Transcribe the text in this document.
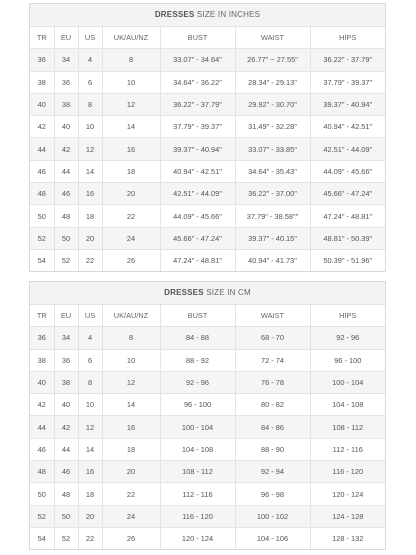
DRESSES SIZE IN INCHES
TR	EU	US	UK/AU/NZ	BUST	WAIST	HIPS
36	34	4	8	33.07" - 34.64"	26.77" ~ 27.55"	36.22" - 37.79"
38	36	6	10	34.64" - 36.22"	28.34" - 29.13"	37.79" - 39.37"
40	38	8	12	36.22" - 37.79"	29.92" - 30.70"	39.37" - 40.94"
42	40	10	14	37.79" - 39.37"	31.49" - 32.28"	40.94" - 42.51"
44	42	12	16	39.37" - 40.94"	33.07" - 33.85"	42.51" - 44.09"
46	44	14	18	40.94" - 42.51"	34.64" - 35.43"	44.09" - 45.66"
48	46	16	20	42.51" - 44.09"	36.22" - 37.00"	45.66" - 47.24"
50	48	18	22	44.09" - 45.66"	37.79" - 38.58""	47.24" - 48.81"
52	50	20	24	45.66" - 47.24"	39.37" - 40.15"	48.81" - 50.39"
54	52	22	26	47.24" - 48.81"	40.94" - 41.73"	50.39" - 51.96"
DRESSES SIZE IN CM
TR	EU	US	UK/AU/NZ	BUST	WAIST	HIPS
36	34	4	8	84 - 88	68 - 70	92 - 96
38	36	6	10	88 - 92	72 - 74	96 - 100
40	38	8	12	92 - 96	76 - 78	100 - 104
42	40	10	14	96 - 100	80 - 82	104 - 108
44	42	12	16	100 - 104	84 - 86	108 - 112
46	44	14	18	104 - 108	88 - 90	112 - 116
48	46	16	20	108 - 112	92 - 94	116 - 120
50	48	18	22	112 - 116	96 - 98	120 - 124
52	50	20	24	116 - 120	100 - 102	124 - 128
54	52	22	26	120 - 124	104 - 106	128 - 132
